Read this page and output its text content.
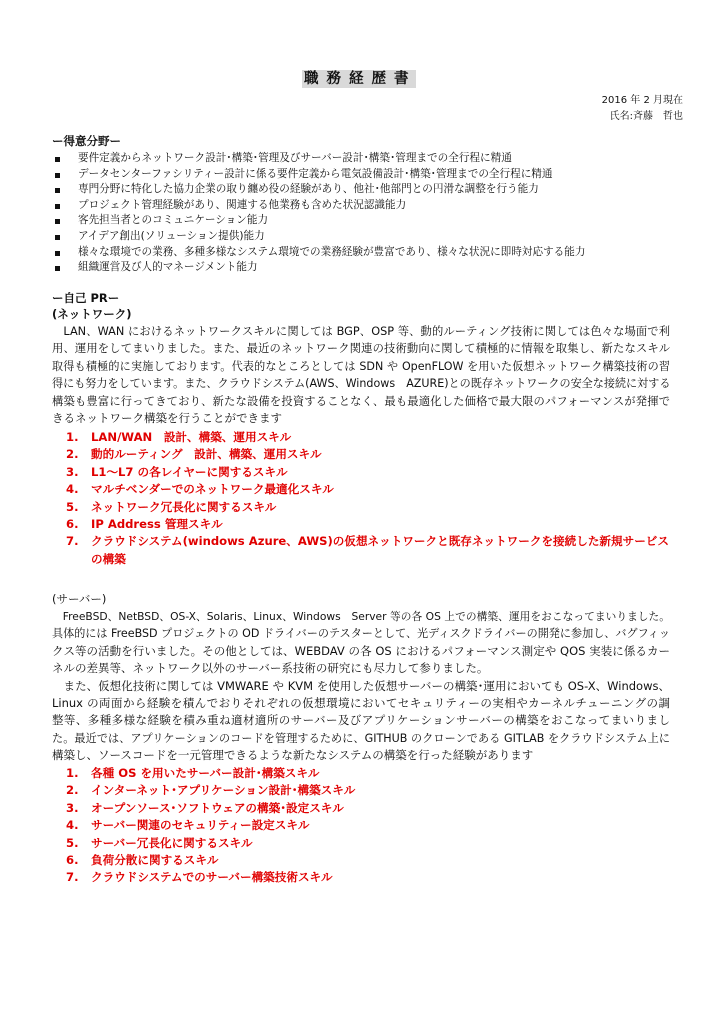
職務経歴書
2016 年 2 月現在
氏名:斉藤　哲也
ー得意分野ー
要件定義からネットワーク設計･構築･管理及びサーバー設計･構築･管理までの全行程に精通
データセンターファシリティー設計に係る要件定義から電気設備設計･構築･管理までの全行程に精通
専門分野に特化した協力企業の取り纏め役の経験があり、他社･他部門との円滑な調整を行う能力
プロジェクト管理経験があり、関連する他業務も含めた状況認識能力
客先担当者とのコミュニケーション能力
アイデア創出(ソリューション提供)能力
様々な環境での業務、多種多様なシステム環境での業務経験が豊富であり、様々な状況に即時対応する能力
組織運営及び人的マネージメント能力
ー自己 PRー
(ネットワーク)
　LAN、WAN におけるネットワークスキルに関しては BGP、OSP 等、動的ルーティング技術に関しては色々な場面で利
用、運用をしてまいりました。また、最近のネットワーク関連の技術動向に関して積極的に情報を取集し、新たなスキル
取得も積極的に実施しております。代表的なところとしては SDN や OpenFLOW を用いた仮想ネットワーク構築技術の習
得にも努力をしています。また、クラウドシステム(AWS、Windows　AZURE)との既存ネットワークの安全な接続に対する
構築も豊富に行ってきており、新たな設備を投資することなく、最も最適化した価格で最大限のパフォーマンスが発揮で
きるネットワーク構築を行うことができます
1. LAN/WAN　設計、構築、運用スキル
2. 動的ルーティング　設計、構築、運用スキル
3. L1～L7 の各レイヤーに関するスキル
4. マルチベンダーでのネットワーク最適化スキル
5. ネットワーク冗長化に関するスキル
6. IP Address 管理スキル
7. クラウドシステム(windows Azure、AWS)の仮想ネットワークと既存ネットワークを接続した新規サービスの構築
(サーバー)
　FreeBSD、NetBSD、OS-X、Solaris、Linux、Windows　Server 等の各 OS 上での構築、運用をおこなってまいりました。
具体的には FreeBSD プロジェクトの OD ドライバーのテスターとして、光ディスクドライバーの開発に参加し、バグフィッ
クス等の活動を行いました。その他としては、WEBDAV の各 OS におけるパフォーマンス測定や QOS 実装に係るカー
ネルの差異等、ネットワーク以外のサーバー系技術の研究にも尽力して参りました。
　また、仮想化技術に関しては VMWARE や KVM を使用した仮想サーバーの構築･運用においても OS-X、Windows、
Linux の両面から経験を積んでおりそれぞれの仮想環境においてセキュリティーの実相やカーネルチューニングの調
整等、多種多様な経験を積み重ね適材適所のサーバー及びアプリケーションサーバーの構築をおこなってまいりまし
た。最近では、アプリケーションのコードを管理するために、GITHUB のクローンである GITLAB をクラウドシステム上に
構築し、ソースコードを一元管理できるような新たなシステムの構築を行った経験があります
1. 各種 OS を用いたサーバー設計･構築スキル
2. インターネット･アプリケーション設計･構築スキル
3. オープンソース･ソフトウェアの構築･設定スキル
4. サーバー関連のセキュリティー設定スキル
5. サーバー冗長化に関するスキル
6. 負荷分散に関するスキル
7. クラウドシステムでのサーバー構築技術スキル
